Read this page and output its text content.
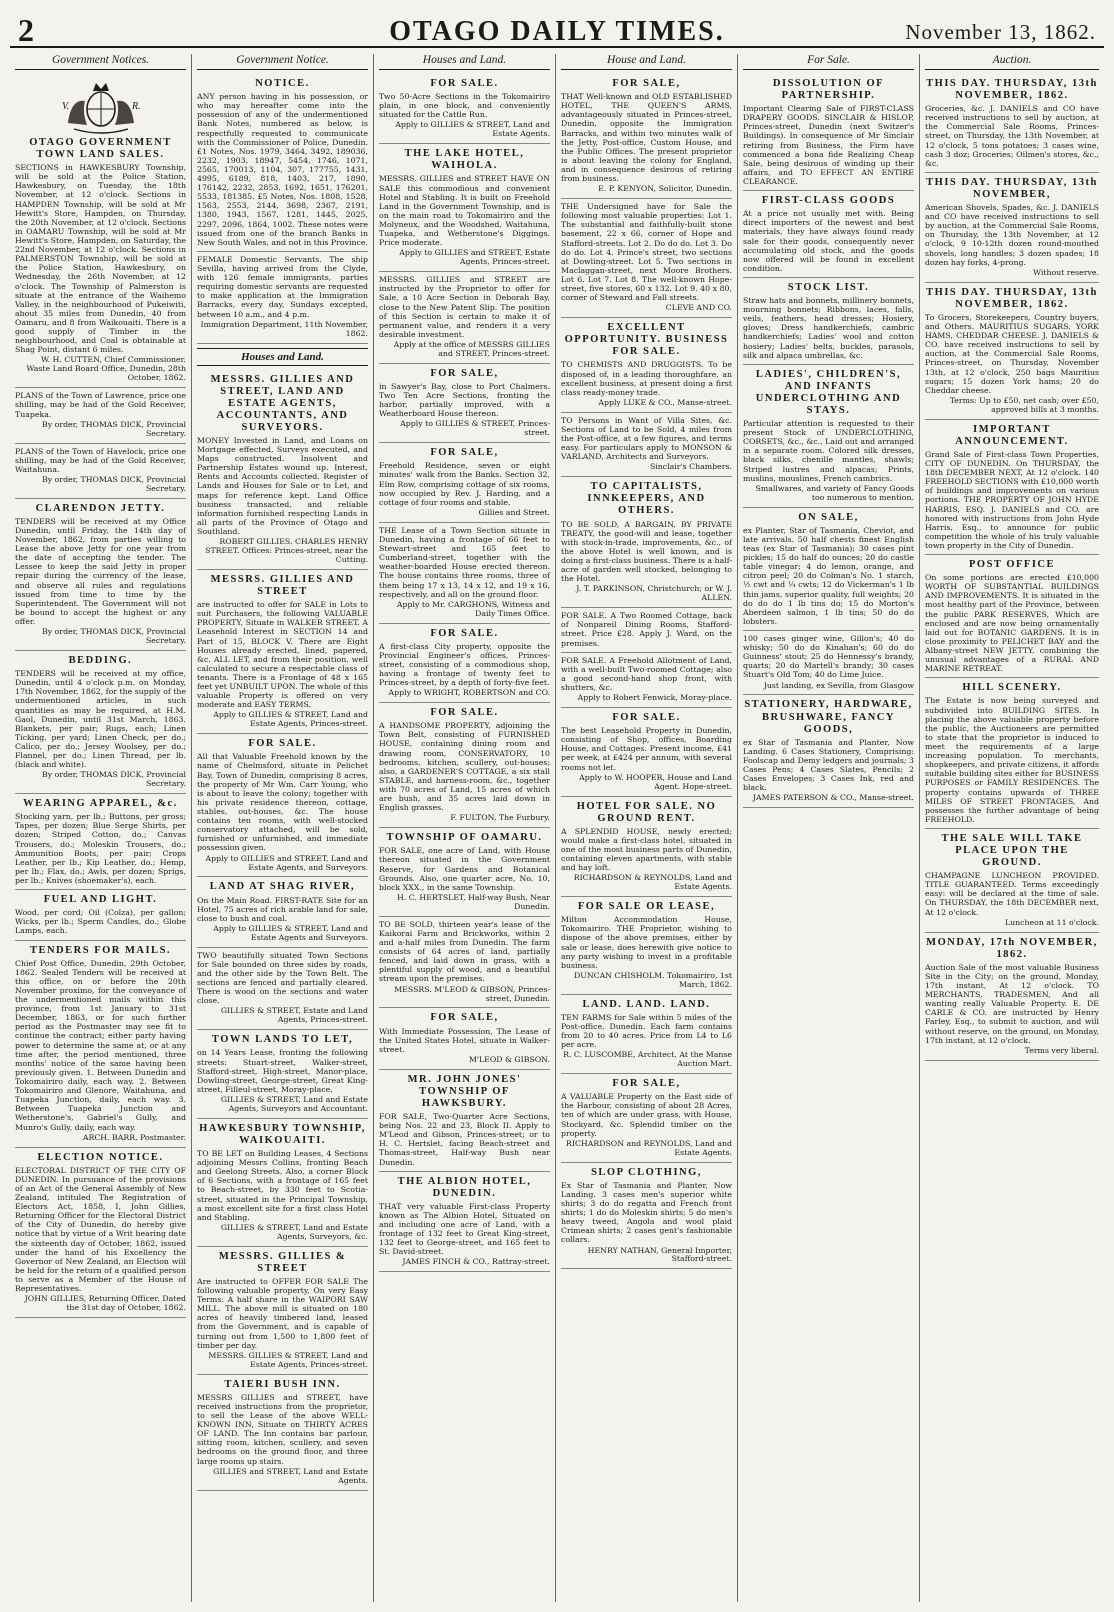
2	OTAGO DAILY TIMES.	November 13, 1862.
Government Notices.
V.	R.
OTAGO GOVERNMENT TOWN LAND SALES.

SECTIONS in HAWKESBURY Township, will be sold at the Police Station, Hawkesbury, on Tuesday, the 18th November, at 12 o'clock. Sections in HAMPDEN Township, will be sold at Mr Hewitt's Store, Hampden, on Thursday, the 20th November, at 12 o'clock. Sections in OAMARU Township, will be sold at Mr Hewitt's Store, Hampden, on Saturday, the 22nd November, at 12 o'clock. Sections in PALMERSTON Township, will be sold at the Police Station, Hawkesbury, on Wednesday, the 26th November, at 12 o'clock. The Township of Palmerston is situate at the entrance of the Waihemo Valley, in the neighbourhood of Pukeiwiti, about 35 miles from Dunedin, 40 from Oamaru, and 8 from Waikouaiti. There is a good supply of Timber in the neighbourhood, and Coal is obtainable at Shag Point, distant 6 miles.

W. H. CUTTEN, Chief Commissioner. Waste Land Board Office, Dunedin, 28th October, 1862.

PLANS of the Town of Lawrence, price one shilling, may be had of the Gold Receiver, Tuapeka.

By order, THOMAS DICK, Provincial Secretary.

PLANS of the Town of Havelock, price one shilling, may be had of the Gold Receiver, Waitahuna.

By order, THOMAS DICK, Provincial Secretary.
CLARENDON JETTY.

TENDERS will be received at my Office Dunedin, until Friday, the 14th day of November, 1862, from parties willing to Lease the above Jetty for one year from the date of accepting the tender. The Lessee to keep the said Jetty in proper repair during the currency of the lease, and observe all rules and regulations issued from time to time by the Superintendent. The Government will not be bound to accept the highest or any offer.

By order, THOMAS DICK, Provincial Secretary.
BEDDING.

TENDERS will be received at my office, Dunedin, until 4 o'clock p.m. on Monday, 17th November, 1862, for the supply of the undermentioned articles, in such quantities as may be required, at H.M. Gaol, Dunedin, until 31st March, 1863. Blankets, per pair; Rugs, each; Linen Ticking, per yard; Linen Check, per do.; Calico, per do.; Jersey Woolsey, per do.; Flannel, per do.; Linen Thread, per lb. (black and white).

By order, THOMAS DICK, Provincial Secretary.
WEARING APPAREL, &c.

Stocking yarn, per lb.; Buttons, per gross; Tapes, per dozen; Blue Serge Shirts, per dozen; Striped Cotton, do.; Canvas Trousers, do.; Moleskin Trousers, do.; Ammunition Boots, per pair; Crops Leather, per lb.; Kip Leather, do.; Hemp, per lb.; Flax, do.; Awls, per dozen; Sprigs, per lb.; Knives (shoemaker's), each.

FUEL AND LIGHT.

Wood, per cord; Oil (Colza), per gallon; Wicks, per lb.; Sperm Candles, do.; Globe Lamps, each.

TENDERS FOR MAILS.

Chief Post Office, Dunedin, 29th October, 1862. Sealed Tenders will be received at this office, on or before the 20th November proximo, for the conveyance of the undermentioned mails within this province, from 1st January to 31st December, 1863, or for such further period as the Postmaster may see fit to continue the contract; either party having power to determine the same at, or at any time after, the period mentioned, three months' notice of the same having been previously given. 1. Between Dunedin and Tokomairiro daily, each way. 2. Between Tokomairiro and Glenore, Waitahuna, and Tuapeka Junction, daily, each way. 3. Between Tuapeka Junction and Wetherstone's, Gabriel's Gully, and Munro's Gully, daily, each way.

ARCH. BARR, Postmaster.
ELECTION NOTICE.

ELECTORAL DISTRICT OF THE CITY OF DUNEDIN. In pursuance of the provisions of an Act of the General Assembly of New Zealand, intituled The Registration of Electors Act, 1858, I, John Gillies, Returning Officer for the Electoral District of the City of Dunedin, do hereby give notice that by virtue of a Writ bearing date the sixteenth day of October, 1862, issued under the hand of his Excellency the Governor of New Zealand, an Election will be held for the return of a qualified person to serve as a Member of the House of Representatives.

JOHN GILLIES, Returning Officer. Dated the 31st day of October, 1862.
Government Notice.
NOTICE.

ANY person having in his possession, or who may hereafter come into the possession of any of the undermentioned Bank Notes, numbered as below, is respectfully requested to communicate with the Commissioner of Police, Dunedin. £1 Notes, Nos. 1979, 3464, 3492, 189036, 2232, 1903, 18947, 5454, 1746, 1071, 2565, 170013, 1104, 307, 177755, 1431, 4995, 6189, 818, 1403, 217, 1890, 176142, 2232, 2853, 1692, 1651, 176201, 5533, 181385. £5 Notes, Nos. 1808, 1528, 1563, 2553, 2144, 3698, 2367, 2191, 1380, 1943, 1567, 1281, 1445, 2025, 2297, 2096, 1864, 1002. These notes were issued from one of the branch Banks in New South Wales, and not in this Province.

FEMALE Domestic Servants. The ship Sevilla, having arrived from the Clyde, with 126 female immigrants, parties requiring domestic servants are requested to make application at the Immigration Barracks, every day, Sundays excepted, between 10 a.m., and 4 p.m.

Immigration Department, 11th November, 1862.
Houses and Land.
MESSRS. GILLIES AND STREET, LAND AND ESTATE AGENTS, ACCOUNTANTS, AND SURVEYORS.

MONEY Invested in Land, and Loans on Mortgage effected, Surveys executed, and Maps constructed. Insolvent and Partnership Estates wound up. Interest, Rents and Accounts collected. Register of Lands and Houses for Sale or to Let, and maps for reference kept. Land Office business transacted, and reliable information furnished respecting Lands in all parts of the Province of Otago and Southland.

ROBERT GILLIES. CHARLES HENRY STREET. Offices: Princes-street, near the Cutting.
MESSRS. GILLIES AND STREET

are instructed to offer for SALE in Lots to suit Purchasers, the following VALUABLE PROPERTY, Situate in WALKER STREET. A Leasehold Interest in SECTION 14 and Part of 15, BLOCK V. There are Eight Houses already erected, lined, papered, &c. ALL LET, and from their position, well calculated to secure a respectable class of tenants. There is a Frontage of 48 x 165 feet yet UNBUILT UPON. The whole of this valuable Property is offered on very moderate and EASY TERMS.

Apply to GILLIES & STREET, Land and Estate Agents, Princes-street.
FOR SALE.

All that Valuable Freehold known by the name of Chelmsford, situate in Pelichet Bay, Town of Dunedin, comprising 8 acres, the property of Mr Wm. Carr Young, who is about to leave the colony; together with his private residence thereon, cottage, stables, out-houses, &c. The house contains ten rooms, with well-stocked conservatory attached, will be sold, furnished or unfurnished, and immediate possession given.

Apply to GILLIES and STREET, Land and Estate Agents, and Surveyors.
LAND AT SHAG RIVER,

On the Main Road. FIRST-RATE Site for an Hotel, 75 acres of rich arable land for sale, close to bush and coal.

Apply to GILLIES & STREET, Land and Estate Agents and Surveyors.

TWO beautifully situated Town Sections for Sale bounded on three sides by roads, and the other side by the Town Belt. The sections are fenced and partially cleared. There is wood on the sections and water close.

GILLIES & STREET, Estate and Land Agents, Princes-street.
TOWN LANDS TO LET,

on 14 Years Lease, fronting the following streets: Stuart-street, Walker-street, Stafford-street, High-street, Manor-place, Dowling-street, George-street, Great King-street, Filleul-street, Moray-place.

GILLIES & STREET, Land and Estate Agents, Surveyors and Accountant.
HAWKESBURY TOWNSHIP, WAIKOUAITI.

TO BE LET on Building Leases, 4 Sections adjoining Messrs Collins, fronting Beach and Geelong Streets. Also, a corner Block of 6 Sections, with a frontage of 165 feet to Beach-street, by 330 feet to Scotia-street, situated in the Principal Township, a most excellent site for a first class Hotel and Stabling.

GILLIES & STREET, Land and Estate Agents, Surveyors, &c.
MESSRS. GILLIES & STREET

Are instructed to OFFER FOR SALE The following valuable property, On very Easy Terms: A half share in the WAIPORI SAW MILL. The above mill is situated on 180 acres of heavily timbered land, leased from the Government, and is capable of turning out from 1,500 to 1,800 feet of timber per day.

MESSRS. GILLIES & STREET, Land and Estate Agents, Princes-street.
TAIERI BUSH INN.

MESSRS GILLIES and STREET, have received instructions from the proprietor, to sell the Lease of the above WELL-KNOWN INN, Situate on THIRTY ACRES OF LAND. The Inn contains bar parlour, sitting room, kitchen, scullery, and seven bedrooms on the ground floor, and three large rooms up stairs.

GILLIES and STREET, Land and Estate Agents.
Houses and Land.
FOR SALE.

Two 50-Acre Sections in the Tokomairiro plain, in one block, and conveniently situated for the Cattle Run.

Apply to GILLIES & STREET, Land and Estate Agents.
THE LAKE HOTEL, WAIHOLA.

MESSRS. GILLIES and STREET HAVE ON SALE this commodious and convenient Hotel and Stabling. It is built on Freehold Land in the Government Township, and is on the main road to Tokomairiro and the Molyneux, and the Woodshed, Waitahuna, Tuapeka, and Wetherstone's Diggings. Price moderate.

Apply to GILLIES and STREET, Estate Agents, Princes-street.

MESSRS. GILLIES and STREET are instructed by the Proprietor to offer for Sale, a 10 Acre Section in Deborah Bay, close to the New Patent Slip. The position of this Section is certain to make it of permanent value, and renders it a very desirable investment.

Apply at the office of MESSRS GILLIES and STREET, Princes-street.
FOR SALE,

in Sawyer's Bay, close to Port Chalmers. Two Ten Acre Sections, fronting the harbor, partially improved, with a Weatherboard House thereon.

Apply to GILLIES & STREET, Princes-street.
FOR SALE,

Freehold Residence, seven or eight minutes' walk from the Banks. Section 32, Elm Row, comprising cottage of six rooms, now occupied by Rev. J. Harding, and a cottage of four rooms and stable.

Gillies and Street.

THE Lease of a Town Section situate in Dunedin, having a frontage of 66 feet to Stewart-street and 165 feet to Cumberland-street, together with the weather-boarded House erected thereon. The house contains three rooms, three of them being 17 x 13, 14 x 12, and 19 x 16, respectively, and all on the ground floor.

Apply to Mr. CARGHONS, Witness and Daily Times Office.
FOR SALE.

A first-class City property, opposite the Provincial Engineer's offices, Princes-street, consisting of a commodious shop, having a frontage of twenty feet to Princes-street, by a depth of forty-five feet.

Apply to WRIGHT, ROBERTSON and CO.
FOR SALE.

A HANDSOME PROPERTY, adjoining the Town Belt, consisting of FURNISHED HOUSE, containing dining room and drawing room, CONSERVATORY, 10 bedrooms, kitchen, scullery, out-houses; also, a GARDENER'S COTTAGE, a six stall STABLE, and harness-room, &c., together with 70 acres of Land, 15 acres of which are bush, and 35 acres laid down in English grasses.

F. FULTON, The Furbury.
TOWNSHIP OF OAMARU.

FOR SALE, one acre of Land, with House thereon situated in the Government Reserve, for Gardens and Botanical Grounds. Also, one quarter acre, No. 10, block XXX., in the same Township.

H. C. HERTSLET, Half-way Bush, Near Dunedin.

TO BE SOLD, thirteen year's lease of the Kaikorai Farm and Brickworks, within 2 and a-half miles from Dunedin. The farm consists of 64 acres of land, partially fenced, and laid down in grass, with a plentiful supply of wood, and a beautiful stream upon the premises.

MESSRS. M'LEOD & GIBSON, Princes-street, Dunedin.
FOR SALE,

With Immediate Possession, The Lease of the United States Hotel, situate in Walker-street.

M'LEOD & GIBSON.
MR. JOHN JONES' TOWNSHIP OF HAWKSBURY.

FOR SALE, Two-Quarter Acre Sections, being Nos. 22 and 23, Block II. Apply to M'Leod and Gibson, Princes-street; or to H. C. Hertslet, facing Beach-street and Thomas-street, Half-way Bush near Dunedin.

THE ALBION HOTEL, DUNEDIN.

THAT very valuable First-class Property known as The Albion Hotel, Situated on and including one acre of Land, with a frontage of 132 feet to Great King-street, 132 feet to George-street, and 165 feet to St. David-street.

JAMES FINCH & CO., Rattray-street.
House and Land.
FOR SALE,

THAT Well-known and OLD ESTABLISHED HOTEL, THE QUEEN'S ARMS, advantageously situated in Princes-street, Dunedin, opposite the Immigration Barracks, and within two minutes walk of the Jetty, Post-office, Custom House, and the Public Offices. The present proprietor is about leaving the colony for England, and in consequence desirous of retiring from business.

E. P. KENYON, Solicitor, Dunedin.

THE Undersigned have for Sale the following most valuable properties: Lot 1. The substantial and faithfully-built stone basement, 22 x 66, corner of Hope and Stafford-streets. Lot 2. Do do do. Lot 3. Do do do. Lot 4. Prince's street, two sections at Dowling-street. Lot 5. Two sections in Maclaggan-street, next Moore Brothers. Lot 6. Lot 7. Lot 8. The well-known Hope-street, five stores, 60 x 132. Lot 9. 40 x 80, corner of Steward and Fall streets.

CLEVE AND CO.
EXCELLENT OPPORTUNITY. BUSINESS FOR SALE.

TO CHEMISTS AND DRUGGISTS. To be disposed of, in a leading thoroughfare, an excellent business, at present doing a first class ready-money trade.

Apply LUKE & CO., Manse-street.

TO Persons in Want of Villa Sites, &c. Sections of Land to be Sold, 4 miles from the Post-office, at a few figures, and terms easy. For particulars apply to MONSON & VARLAND, Architects and Surveyors.

Sinclair's Chambers.
TO CAPITALISTS, INNKEEPERS, AND OTHERS.

TO BE SOLD, A BARGAIN, BY PRIVATE TREATY, the good-will and lease, together with stock-in-trade, improvements, &c., of the above Hotel is well known, and is doing a first-class business. There is a half-acre of garden well stocked, belonging to the Hotel.

J. T. PARKINSON, Christchurch; or W. J. ALLEN.

FOR SALE. A Two Roomed Cottage, back of Nonpareil Dining Rooms, Stafford-street. Price £28. Apply J. Ward, on the premises.

FOR SALE. A Freehold Allotment of Land, with a well-built Two-roomed Cottage; also a good second-hand shop front, with shutters, &c.

Apply to Robert Fenwick, Moray-place.
FOR SALE.

The best Leasehold Property in Dunedin, consisting of Shop, offices, Boarding House, and Cottages. Present income, £41 per week, at £424 per annum, with several rooms not let.

Apply to W. HOOPER, House and Land Agent. Hope-street.
HOTEL FOR SALE. NO GROUND RENT.

A SPLENDID HOUSE, newly erected; would make a first-class hotel, situated in one of the most business parts of Dunedin, containing eleven apartments, with stable and hay loft.

RICHARDSON & REYNOLDS, Land and Estate Agents.
FOR SALE OR LEASE,

Milton Accommodation House, Tokomairiro. THE Proprietor, wishing to dispose of the above premises, either by sale or lease, does herewith give notice to any party wishing to invest in a profitable business.

DUNCAN CHISHOLM. Tokomairiro, 1st March, 1862.
LAND. LAND. LAND.

TEN FARMS for Sale within 5 miles of the Post-office, Dunedin. Each farm contains from 20 to 40 acres. Price from L4 to L6 per acre.

R. C. LUSCOMBE, Architect, At the Manse Auction Mart.
FOR SALE,

A VALUABLE Property on the East side of the Harbour, consisting of about 28 Acres, ten of which are under grass, with House, Stockyard, &c. Splendid timber on the property.

RICHARDSON and REYNOLDS, Land and Estate Agents.
SLOP CLOTHING,

Ex Star of Tasmania and Planter, Now Landing. 3 cases men's superior white shirts; 3 do do regatta and French front shirts; 1 do do Moleskin shirts; 5 do men's heavy tweed, Angola and wool plaid Crimean shirts; 2 cases gent's fashionable collars.

HENRY NATHAN, General Importer, Stafford-street.
For Sale.
DISSOLUTION OF PARTNERSHIP.

Important Clearing Sale of FIRST-CLASS DRAPERY GOODS. SINCLAIR & HISLOP, Princes-street, Dunedin (next Switzer's Buildings). In consequence of Mr Sinclair retiring from Business, the Firm have commenced a bona fide Realizing Cheap Sale, being desirous of winding up their affairs, and TO EFFECT AN ENTIRE CLEARANCE.

FIRST-CLASS GOODS

At a price not usually met with. Being direct importers of the newest and best materials, they have always found ready sale for their goods, consequently never accumulating old stock, and the goods now offered will be found in excellent condition.

STOCK LIST.

Straw hats and bonnets, millinery bonnets, mourning bonnets; Ribbons, laces, falls, veils, feathers, head dresses; Hosiery, gloves; Dress handkerchiefs, cambric handkerchiefs; Ladies' wool and cotton hosiery; Ladies' belts, buckles, parasols, silk and alpaca umbrellas, &c.

LADIES', CHILDREN'S, AND INFANTS UNDERCLOTHING AND STAYS.

Particular attention is requested to their present Stock of UNDERCLOTHING, CORSETS, &c., &c., Laid out and arranged in a separate room. Colored silk dresses, black silks, chenille mantles, shawls; Striped lustres and alpacas; Prints, muslins, mouslines, French cambrics.

Smallwares, and variety of Fancy Goods too numerous to mention.
ON SALE,

ex Planter, Star of Tasmania, Cheviot, and late arrivals. 50 half chests finest English teas (ex Star of Tasmania); 30 cases pint pickles; 15 do half do ounces; 20 do castle table vinegar; 4 do lemon, orange, and citron peel; 20 do Colman's No. 1 starch, ½ cwt and ¼ cwts; 12 do Vickerman's 1 lb thin jams, superior quality, full weights; 20 do do do 1 lb tins do; 15 do Morton's Aberdeen salmon, 1 lb tins; 50 do do lobsters.

100 cases ginger wine, Gillon's; 40 do whisky; 50 do do Kinahan's; 60 do do Guinness' stout; 25 do Hennessy's brandy, quarts; 20 do Martell's brandy; 30 cases Stuart's Old Tom; 40 do Lime Juice.

Just landing, ex Sevilla, from Glasgow
STATIONERY, HARDWARE, BRUSHWARE, FANCY GOODS,

ex Star of Tasmania and Planter, Now Landing. 6 Cases Stationery, Comprising: Foolscap and Demy ledgers and journals; 3 Cases Pens; 4 Cases Slates, Pencils; 2 Cases Envelopes; 3 Cases Ink, red and black.

JAMES PATERSON & CO., Manse-street.
Auction.
THIS DAY. THURSDAY, 13th NOVEMBER, 1862.

Groceries, &c. J. DANIELS and CO have received instructions to sell by auction, at the Commercial Sale Rooms, Princes-street, on Thursday, the 13th November, at 12 o'clock, 5 tons potatoes; 3 cases wine, cash 3 doz; Groceries; Oilmen's stores, &c., &c.

THIS DAY. THURSDAY, 13th NOVEMBER,

American Shovels, Spades, &c. J. DANIELS and CO have received instructions to sell by auction, at the Commercial Sale Rooms, on Thursday, the 13th November, at 12 o'clock, 9 10-12th dozen round-mouthed shovels, long handles; 3 dozen spades; 18 dozen hay forks, 4-prong.

Without reserve.
THIS DAY. THURSDAY, 13th NOVEMBER, 1862.

To Grocers, Storekeepers, Country buyers, and Others. MAURITIUS SUGARS, YORK HAMS, CHEDDAR CHEESE. J. DANIELS & CO. have received instructions to sell by auction, at the Commercial Sale Rooms, Princes-street, on Thursday, November 13th, at 12 o'clock, 250 bags Mauritius sugars; 15 dozen York hams; 20 do Cheddar cheese.

Terms: Up to £50, net cash; over £50, approved bills at 3 months.
IMPORTANT ANNOUNCEMENT.

Grand Sale of First-class Town Properties, CITY OF DUNEDIN. On THURSDAY, the 18th DECEMBER NEXT, At 12 o'clock. 140 FREEHOLD SECTIONS with £10,000 worth of buildings and improvements on various portions. THE PROPERTY OF JOHN HYDE HARRIS, ESQ. J. DANIELS and CO. are honored with instructions from John Hyde Harris, Esq., to announce for public competition the whole of his truly valuable town property in the City of Dunedin.

POST OFFICE

On some portions are erected £10,000 WORTH OF SUBSTANTIAL BUILDINGS AND IMPROVEMENTS. It is situated in the most healthy part of the Province, between the public PARK RESERVES, Which are enclosed and are now being ornamentally laid out for BOTANIC GARDENS. It is in close proximity to PELICHET BAY and the Albany-street NEW JETTY, combining the unusual advantages of a RURAL AND MARINE RETREAT.

HILL SCENERY.

The Estate is now being surveyed and subdivided into BUILDING SITES. In placing the above valuable property before the public, the Auctioneers are permitted to state that the proprietor is induced to meet the requirements of a large increasing population. To merchants, shopkeepers, and private citizens, it affords suitable building sites either for BUSINESS PURPOSES or FAMILY RESIDENCES. The property contains upwards of THREE MILES OF STREET FRONTAGES, And possesses the further advantage of being FREEHOLD.

THE SALE WILL TAKE PLACE UPON THE GROUND.

CHAMPAGNE LUNCHEON PROVIDED. TITLE GUARANTEED. Terms exceedingly easy: will be declared at the time of sale. On THURSDAY, the 18th DECEMBER next, At 12 o'clock.

Luncheon at 11 o'clock.
MONDAY, 17th NOVEMBER, 1862.

Auction Sale of the most valuable Business Site in the City; on the ground, Monday, 17th instant, At 12 o'clock. TO MERCHANTS, TRADESMEN, And all wanting really Valuable Property. E. DE CARLE & CO. are instructed by Henry Farley, Esq., to submit to auction, and will without reserve, on the ground, on Monday, 17th instant, at 12 o'clock.

Terms very liberal.
